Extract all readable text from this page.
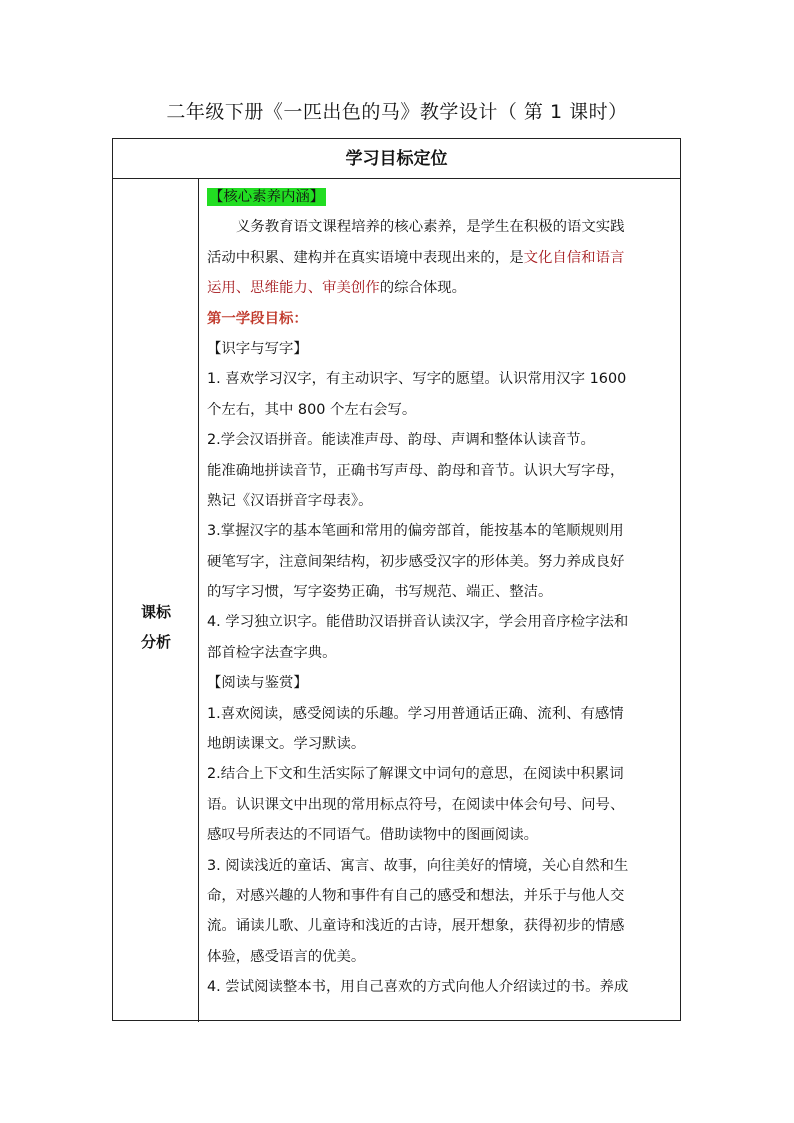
二年级下册《一匹出色的马》教学设计（ 第 1 课时）
学习目标定位
课标
分析
【核心素养内涵】
义务教育语文课程培养的核心素养，是学生在积极的语文实践
活动中积累、建构并在真实语境中表现出来的，是文化自信和语言
运用、思维能力、审美创作的综合体现。
第一学段目标：
【识字与写字】
1. 喜欢学习汉字，有主动识字、写字的愿望。认识常用汉字 1600
个左右，其中 800 个左右会写。
2.学会汉语拼音。能读准声母、韵母、声调和整体认读音节。
能准确地拼读音节，正确书写声母、韵母和音节。认识大写字母，
熟记《汉语拼音字母表》。
3.掌握汉字的基本笔画和常用的偏旁部首，能按基本的笔顺规则用
硬笔写字，注意间架结构，初步感受汉字的形体美。努力养成良好
的写字习惯，写字姿势正确，书写规范、端正、整洁。
4. 学习独立识字。能借助汉语拼音认读汉字，学会用音序检字法和
部首检字法查字典。
【阅读与鉴赏】
1.喜欢阅读，感受阅读的乐趣。学习用普通话正确、流利、有感情
地朗读课文。学习默读。
2.结合上下文和生活实际了解课文中词句的意思，在阅读中积累词
语。认识课文中出现的常用标点符号，在阅读中体会句号、问号、
感叹号所表达的不同语气。借助读物中的图画阅读。
3. 阅读浅近的童话、寓言、故事，向往美好的情境，关心自然和生
命，对感兴趣的人物和事件有自己的感受和想法，并乐于与他人交
流。诵读儿歌、儿童诗和浅近的古诗，展开想象，获得初步的情感
体验，感受语言的优美。
4. 尝试阅读整本书，用自己喜欢的方式向他人介绍读过的书。养成
